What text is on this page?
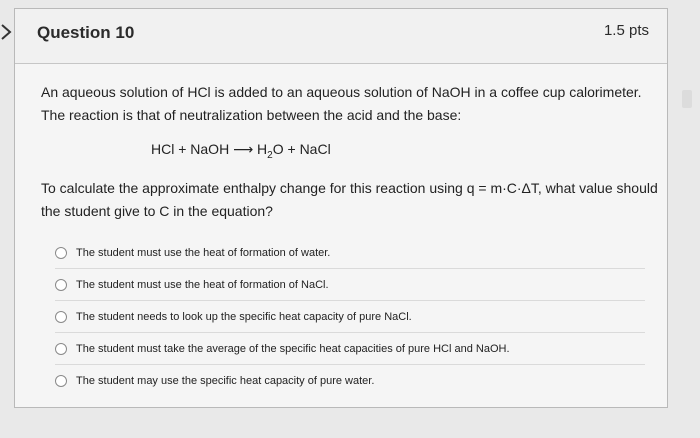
Question 10	1.5 pts

An aqueous solution of HCl is added to an aqueous solution of NaOH in a coffee cup calorimeter. The reaction is that of neutralization between the acid and the base:

HCl + NaOH ⟶ $H_2O$ + NaCl

To calculate the approximate enthalpy change for this reaction using q = m·C·ΔT, what value should the student give to C in the equation?

The student must use the heat of formation of water.
The student must use the heat of formation of NaCl.
The student needs to look up the specific heat capacity of pure NaCl.
The student must take the average of the specific heat capacities of pure HCl and NaOH.
The student may use the specific heat capacity of pure water.
